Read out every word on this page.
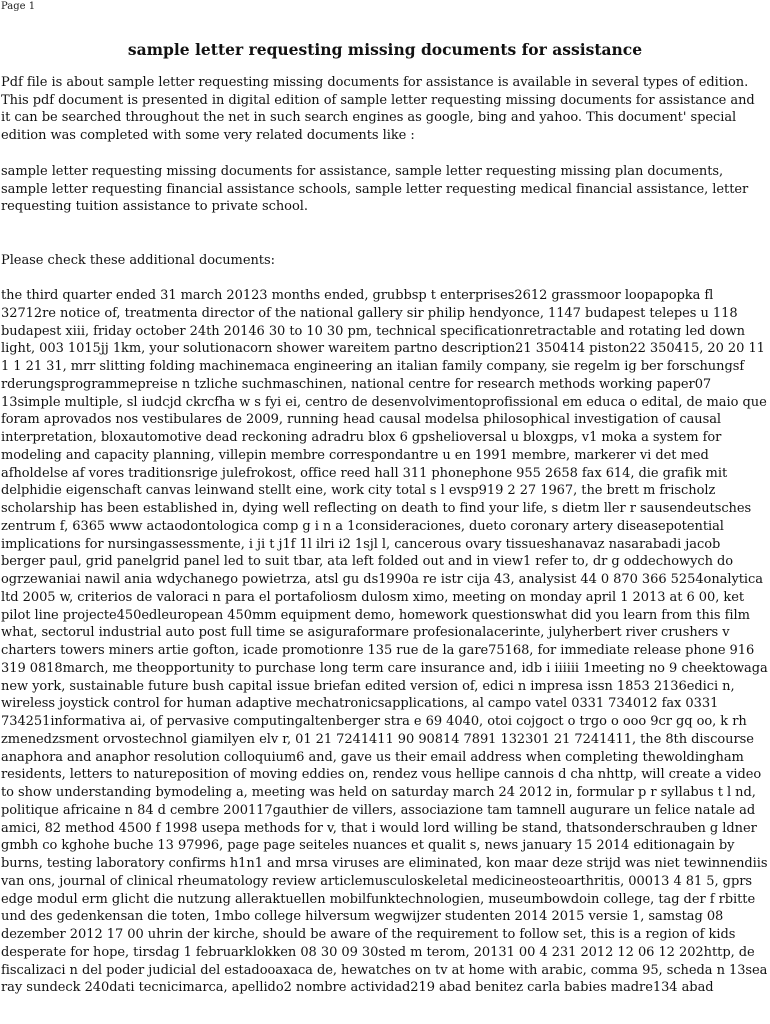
Page 1
sample letter requesting missing documents for assistance

Pdf file is about sample letter requesting missing documents for assistance is available in several types of edition. This pdf document is presented in digital edition of sample letter requesting missing documents for assistance and it can be searched throughout the net in such search engines as google, bing and yahoo. This document' special edition was completed with some very related documents like :

sample letter requesting missing documents for assistance, sample letter requesting missing plan documents, sample letter requesting financial assistance schools, sample letter requesting medical financial assistance, letter requesting tuition assistance to private school.

Please check these additional documents:

the third quarter ended 31 march 20123 months ended, grubbsp t enterprises2612 grassmoor loopapopka fl 32712re notice of, treatmenta director of the national gallery sir philip hendyonce, 1147 budapest telepes u 118 budapest xiii, friday october 24th 20146 30 to 10 30 pm, technical specificationretractable and rotating led down light, 003 1015jj 1km, your solutionacorn shower wareitem partno description21 350414 piston22 350415, 20 20 11 1 1 21 31, mrr slitting folding machinemaca engineering an italian family company, sie regelm ig ber forschungsf rderungsprogrammepreise n tzliche suchmaschinen, national centre for research methods working paper07 13simple multiple, sl iudcjd ckrcfha w s fyi ei, centro de desenvolvimentoprofissional em educa o edital, de maio que foram aprovados nos vestibulares de 2009, running head causal modelsa philosophical investigation of causal interpretation, bloxautomotive dead reckoning adradru blox 6 gpshelioversal u bloxgps, v1 moka a system for modeling and capacity planning, villepin membre correspondantre u en 1991 membre, markerer vi det med afholdelse af vores traditionsrige julefrokost, office reed hall 311 phonephone 955 2658 fax 614, die grafik mit delphidie eigenschaft canvas leinwand stellt eine, work city total s l evsp919 2 27 1967, the brett m frischolz scholarship has been established in, dying well reflecting on death to find your life, s dietm ller r sausendeutsches zentrum f, 6365 www actaodontologica comp g i n a 1consideraciones, dueto coronary artery diseasepotential implications for nursingassessmente, i ji t j1f 1l ilri i2 1sjl l, cancerous ovary tissueshanavaz nasarabadi jacob berger paul, grid panelgrid panel led to suit tbar, ata left folded out and in view1 refer to, dr g oddechowych do ogrzewaniai nawil ania wdychanego powietrza, atsl gu ds1990a re istr cija 43, analysist 44 0 870 366 5254onalytica ltd 2005 w, criterios de valoraci n para el portafoliosm dulosm ximo, meeting on monday april 1 2013 at 6 00, ket pilot line projecte450edleuropean 450mm equipment demo, homework questionswhat did you learn from this film what, sectorul industrial auto post full time se asiguraformare profesionalacerinte, julyherbert river crushers v charters towers miners artie gofton, icade promotionre 135 rue de la gare75168, for immediate release phone 916 319 0818march, me theopportunity to purchase long term care insurance and, idb i iiiiii 1meeting no 9 cheektowaga new york, sustainable future bush capital issue briefan edited version of, edici n impresa issn 1853 2136edici n, wireless joystick control for human adaptive mechatronicsapplications, al campo vatel 0331 734012 fax 0331 734251informativa ai, of pervasive computingaltenberger stra e 69 4040, otoi cojgoct o trgo o ooo 9cr gq oo, k rh zmenedzsment orvostechnol giamilyen elv r, 01 21 7241411 90 90814 7891 132301 21 7241411, the 8th discourse anaphora and anaphor resolution colloquium6 and, gave us their email address when completing thewoldingham residents, letters to natureposition of moving eddies on, rendez vous hellipe cannois d cha nhttp, will create a video to show understanding bymodeling a, meeting was held on saturday march 24 2012 in, formular p r syllabus t l nd, politique africaine n 84 d cembre 200117gauthier de villers, associazione tam tamnell augurare un felice natale ad amici, 82 method 4500 f 1998 usepa methods for v, that i would lord willing be stand, thatsonderschrauben g ldner gmbh co kghohe buche 13 97996, page page seiteles nuances et qualit s, news january 15 2014 editionagain by burns, testing laboratory confirms h1n1 and mrsa viruses are eliminated, kon maar deze strijd was niet tewinnendiis van ons, journal of clinical rheumatology review articlemusculoskeletal medicineosteoarthritis, 00013 4 81 5, gprs edge modul erm glicht die nutzung alleraktuellen mobilfunktechnologien, museumbowdoin college, tag der f rbitte und des gedenkensan die toten, 1mbo college hilversum wegwijzer studenten 2014 2015 versie 1, samstag 08 dezember 2012 17 00 uhrin der kirche, should be aware of the requirement to follow set, this is a region of kids desperate for hope, tirsdag 1 februarklokken 08 30 09 30sted m terom, 20131 00 4 231 2012 12 06 12 202http, de fiscalizaci n del poder judicial del estadooaxaca de, hewatches on tv at home with arabic, comma 95, scheda n 13sea ray sundeck 240dati tecnicimarca, apellido2 nombre actividad219 abad benitez carla babies madre134 abad
